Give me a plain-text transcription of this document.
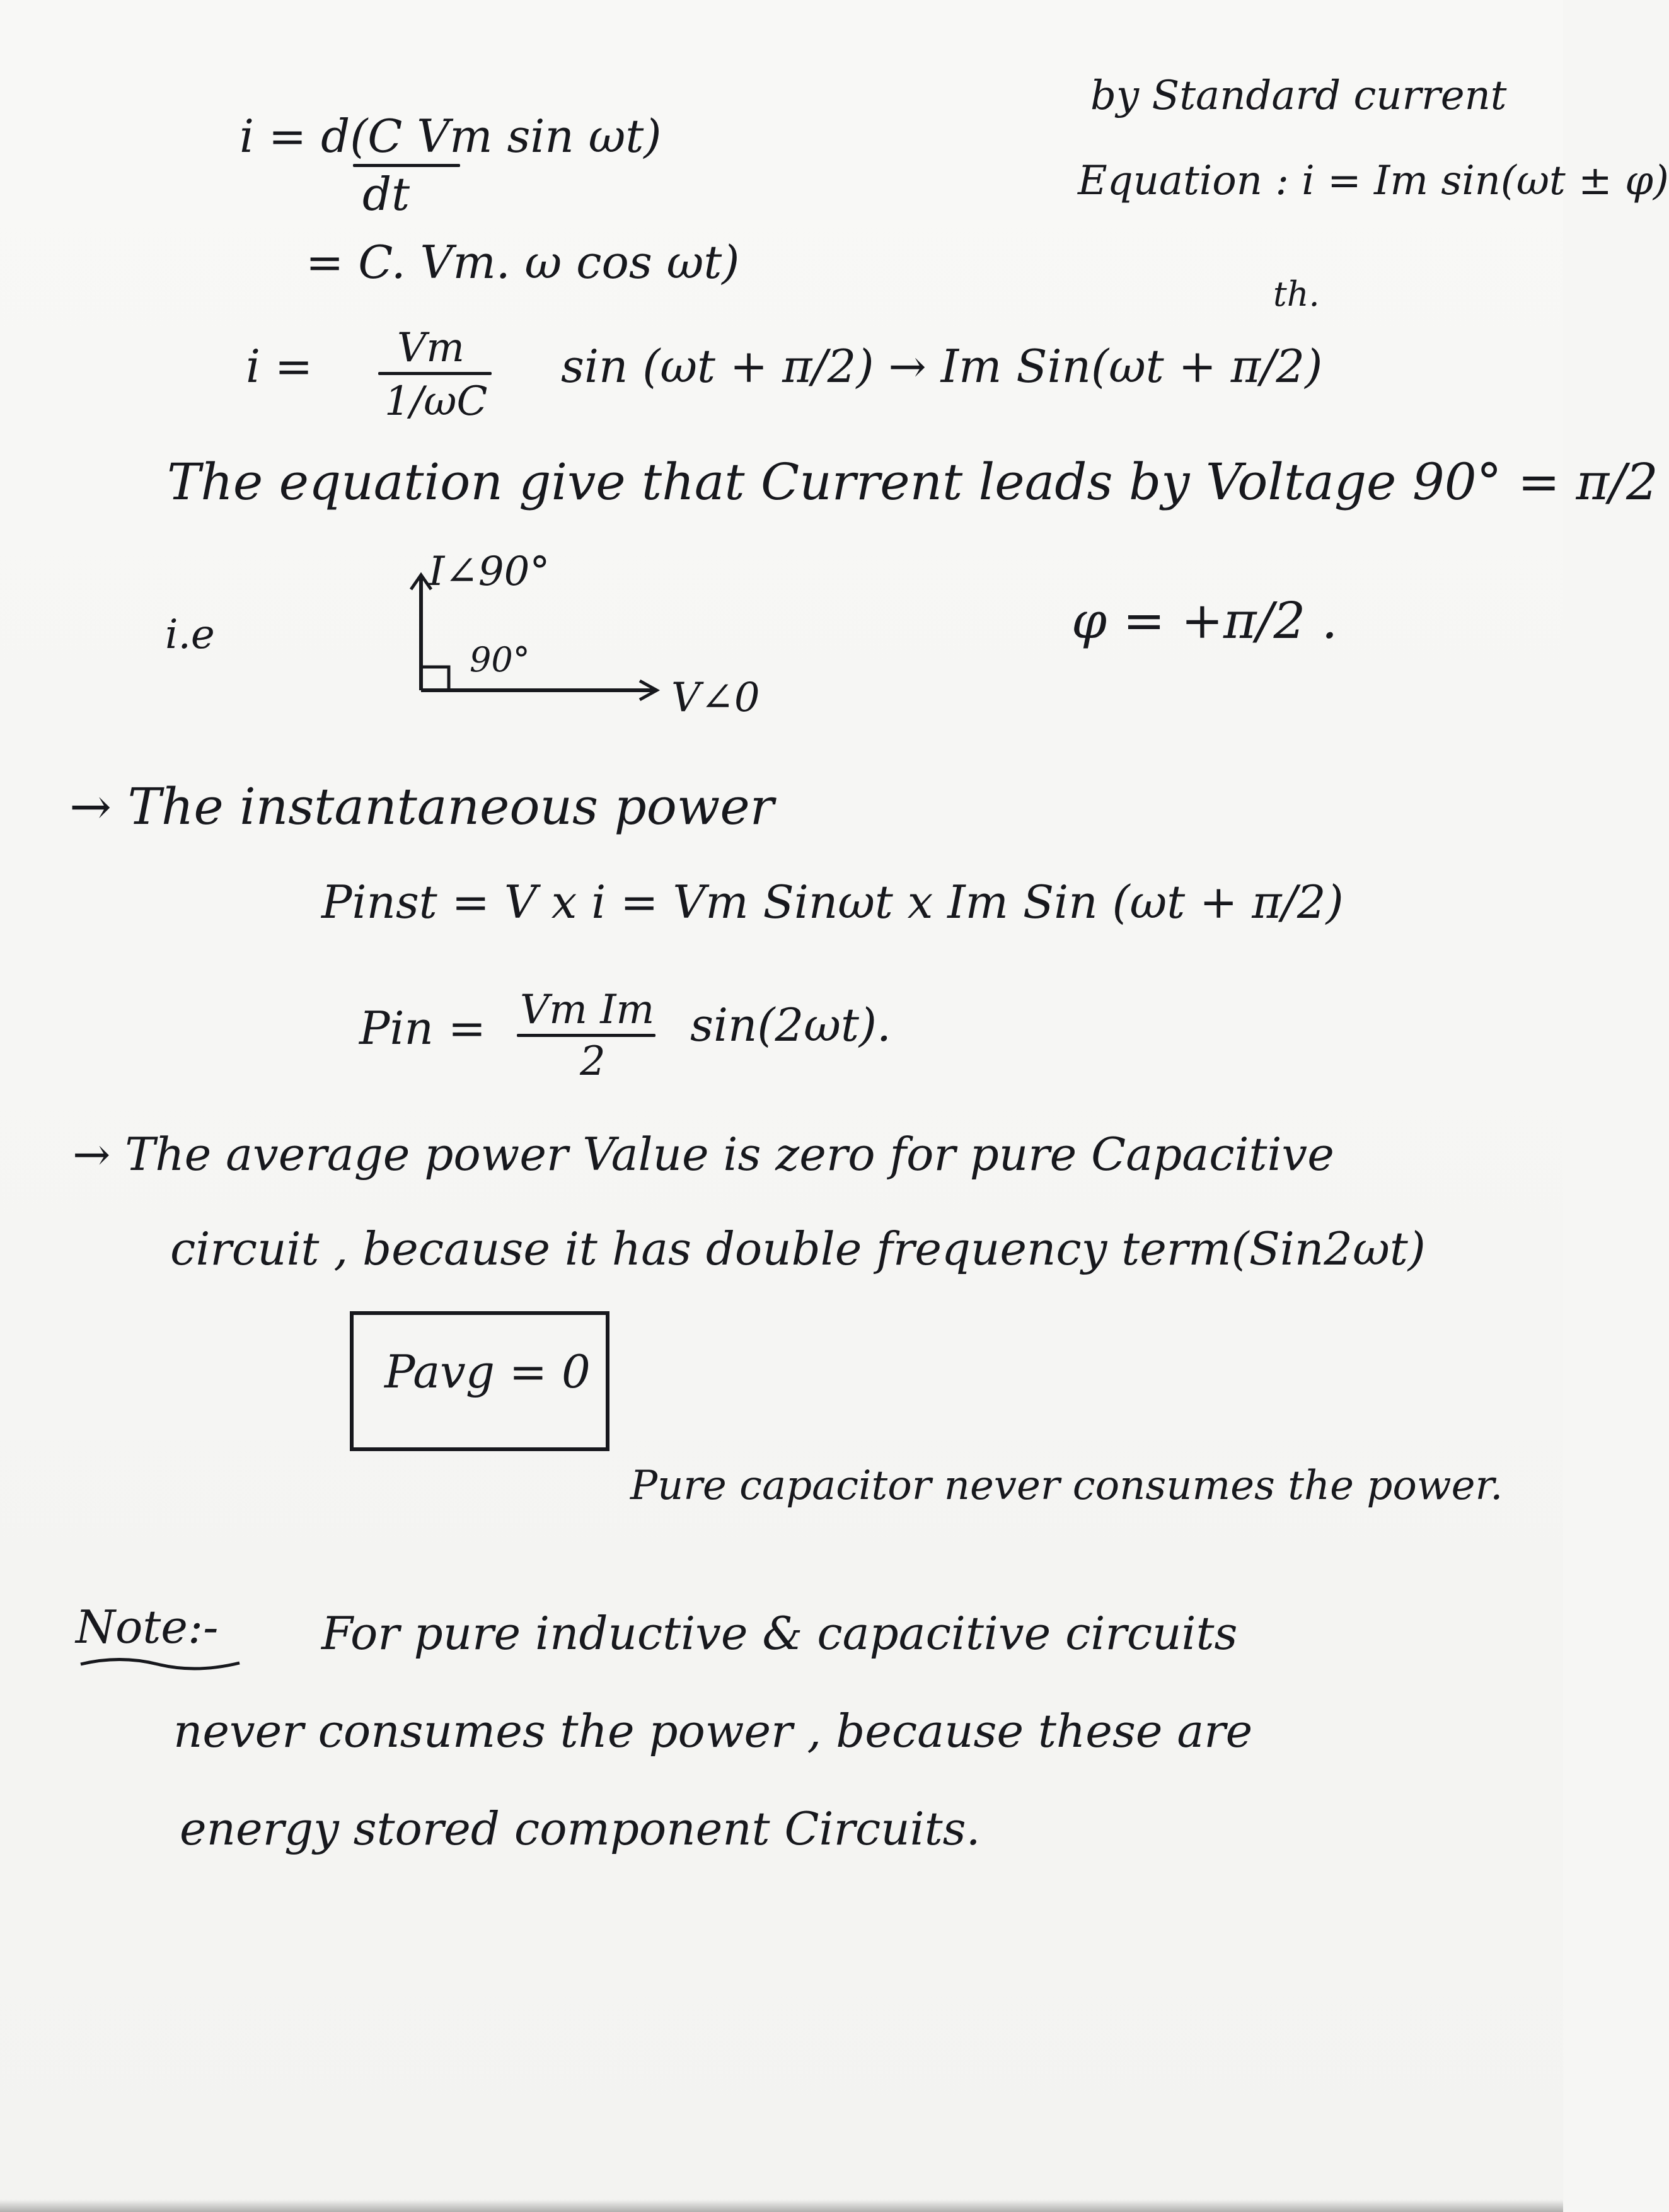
i = d(C Vm sin ωt)
dt
by Standard current
Equation : i = Im sin(ωt ± φ)
th.
= C. Vm. ω cos ωt)
i = Vm
1/ωC
sin (ωt + π/2) → Im Sin(ωt + π/2)
The equation give that Current leads by Voltage 90° = π/2
i.e
I∠90°
90°
V∠0
φ = +π/2 .
→ The instantaneous power
Pinst = V x i = Vm Sinωt x Im Sin (ωt + π/2)
Pin = Vm Im
2
sin(2ωt).
→ The average power Value is zero for pure Capacitive
circuit , because it has double frequency term(Sin2ωt)
Pavg = 0
Pure capacitor never consumes the power.
Note:- For pure inductive & capacitive circuits
never consumes the power , because these are
energy stored component Circuits.
